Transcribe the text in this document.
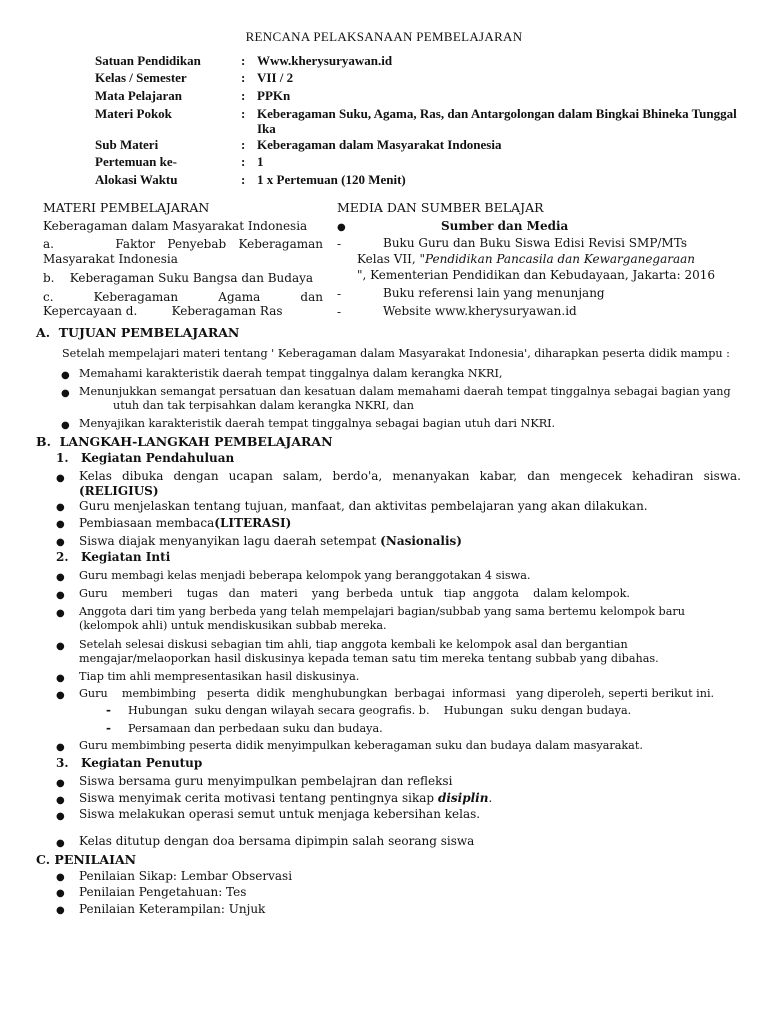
RENCANA PELAKSANAAN PEMBELAJARAN
Satuan Pendidikan	: Www.kherysuryawan.id
Kelas / Semester	: VII / 2
Mata Pelajaran	: PPKn
Materi Pokok	: Keberagaman Suku, Agama, Ras, dan Antargolongan dalam Bingkai Bhineka Tunggal Ika
Sub Materi	: Keberagaman dalam Masyarakat Indonesia
Pertemuan ke-	: 1
Alokasi Waktu	: 1 x Pertemuan (120 Menit)
MATERI PEMBELAJARAN
Keberagaman dalam Masyarakat Indonesia
a.          Faktor  Penyebab  Keberagaman
Masyarakat Indonesia
b.    Keberagaman Suku Bangsa dan Budaya
c.          Keberagaman          Agama          dan
Kepercayaan d.         Keberagaman Ras
MEDIA DAN SUMBER BELAJAR
●	Sumber dan Media
-	Buku Guru dan Buku Siswa Edisi Revisi SMP/MTs
Kelas VII, "Pendidikan Pancasila dan Kewarganegaraan
", Kementerian Pendidikan dan Kebudayaan, Jakarta: 2016
-	Buku referensi lain yang menunjang
-	Website www.kherysuryawan.id
A.  TUJUAN PEMBELAJARAN
Setelah mempelajari materi tentang ' Keberagaman dalam Masyarakat Indonesia', diharapkan peserta didik mampu :
● Memahami karakteristik daerah tempat tinggalnya dalam kerangka NKRI,
● Menunjukkan semangat persatuan dan kesatuan dalam memahami daerah tempat tinggalnya sebagai bagian yang
utuh dan tak terpisahkan dalam kerangka NKRI, dan
● Menyajikan karakteristik daerah tempat tinggalnya sebagai bagian utuh dari NKRI.
B.  LANGKAH-LANGKAH PEMBELAJARAN
1.   Kegiatan Pendahuluan
● Kelas  dibuka  dengan  ucapan  salam,  berdo'a,  menanyakan  kabar,  dan  mengecek  kehadiran  siswa.
(RELIGIUS)
● Guru menjelaskan tentang tujuan, manfaat, dan aktivitas pembelajaran yang akan dilakukan.
● Pembiasaan membaca(LITERASI)
● Siswa diajak menyanyikan lagu daerah setempat (Nasionalis)
2.   Kegiatan Inti
● Guru membagi kelas menjadi beberapa kelompok yang beranggotakan 4 siswa.
● Guru    memberi    tugas   dan   materi    yang  berbeda  untuk   tiap  anggota    dalam kelompok.
● Anggota dari tim yang berbeda yang telah mempelajari bagian/subbab yang sama bertemu kelompok baru
(kelompok ahli) untuk mendiskusikan subbab mereka.
● Setelah selesai diskusi sebagian tim ahli, tiap anggota kembali ke kelompok asal dan bergantian
mengajar/melaoporkan hasil diskusinya kepada teman satu tim mereka tentang subbab yang dibahas.
● Tiap tim ahli mempresentasikan hasil diskusinya.
● Guru    membimbing   peserta  didik  menghubungkan  berbagai  informasi   yang diperoleh, seperti berikut ini.
- Hubungan  suku dengan wilayah secara geografis. b.    Hubungan  suku dengan budaya.
- Persamaan dan perbedaan suku dan budaya.
● Guru membimbing peserta didik menyimpulkan keberagaman suku dan budaya dalam masyarakat.
3.   Kegiatan Penutup
● Siswa bersama guru menyimpulkan pembelajran dan refleksi
● Siswa menyimak cerita motivasi tentang pentingnya sikap disiplin.
● Siswa melakukan operasi semut untuk menjaga kebersihan kelas.
● Kelas ditutup dengan doa bersama dipimpin salah seorang siswa
C. PENILAIAN
● Penilaian Sikap: Lembar Observasi
● Penilaian Pengetahuan: Tes
● Penilaian Keterampilan: Unjuk
